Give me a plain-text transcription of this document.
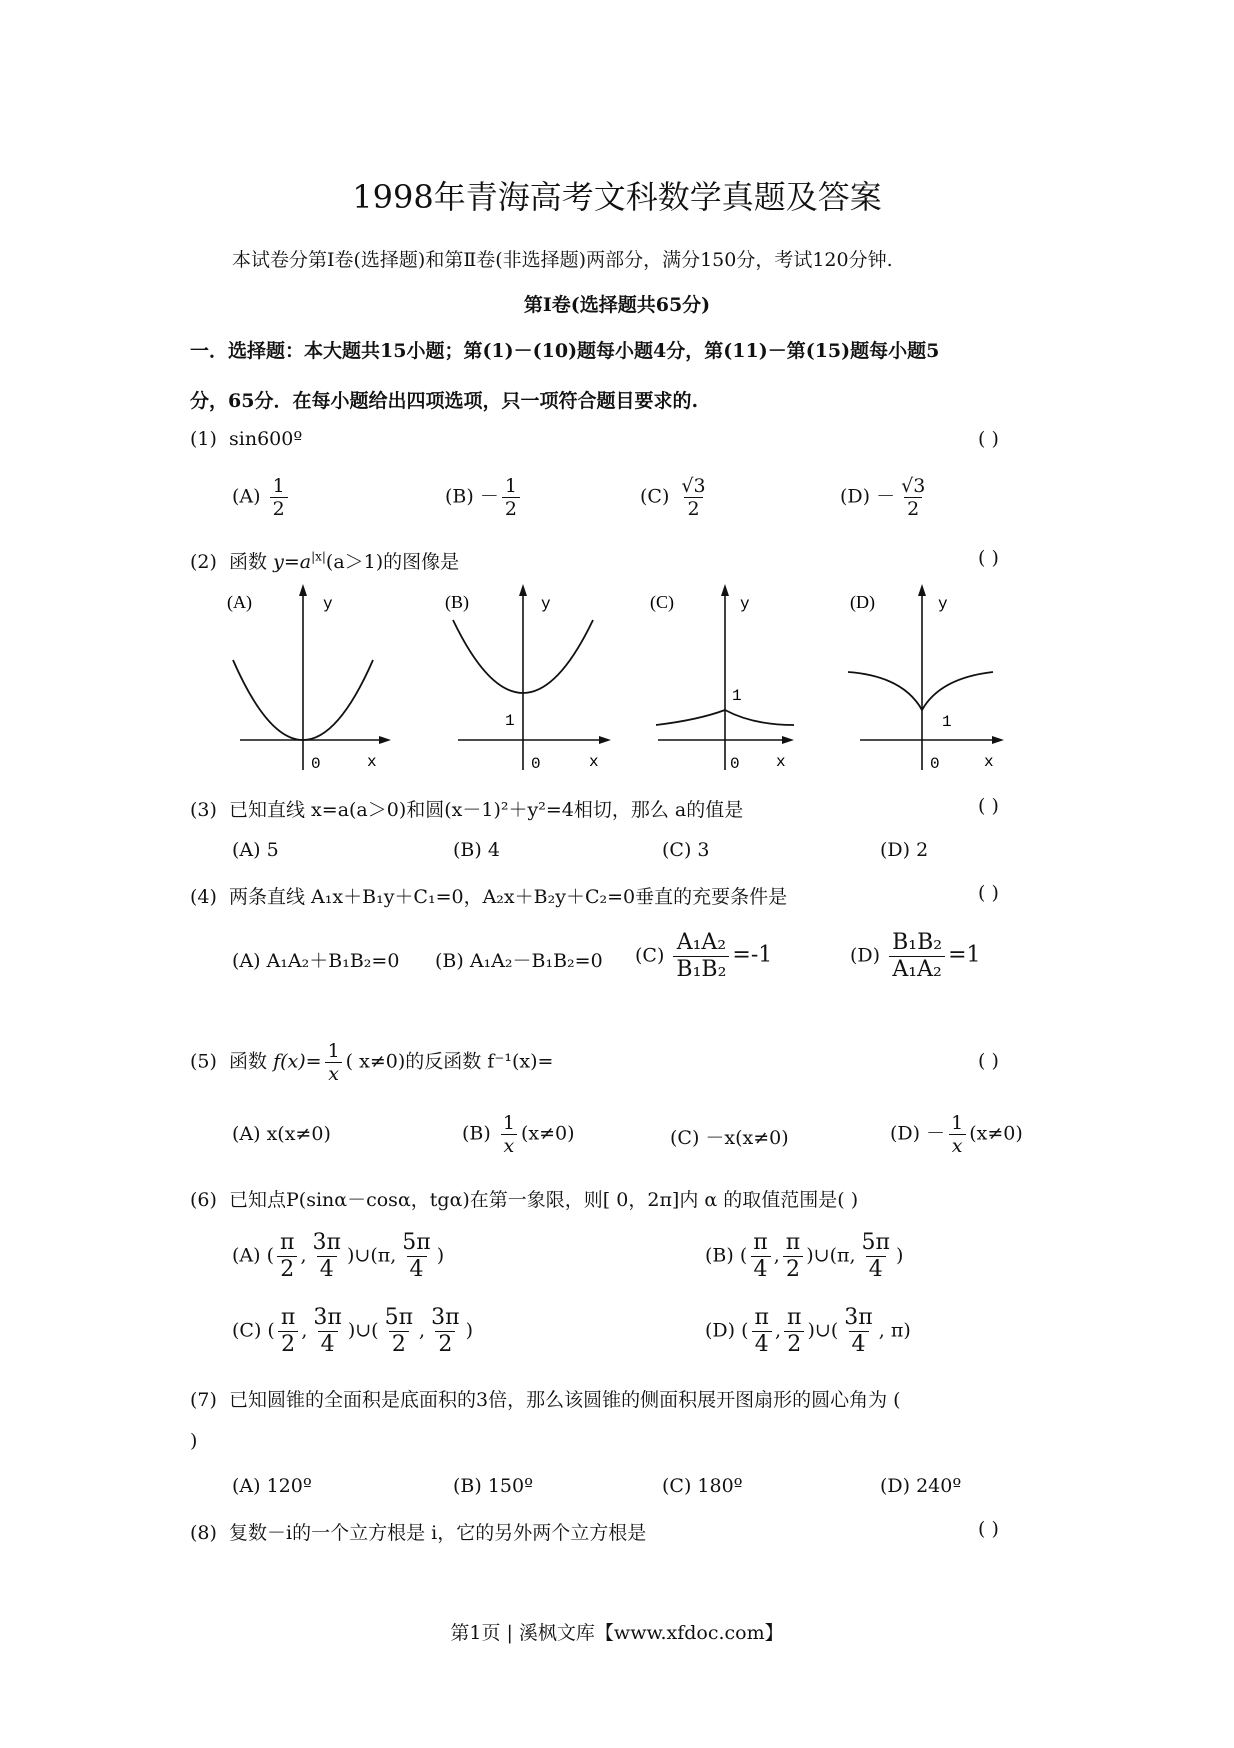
1998年青海高考文科数学真题及答案
本试卷分第Ⅰ卷(选择题)和第Ⅱ卷(非选择题)两部分，满分150分，考试120分钟.
第Ⅰ卷(选择题共65分)
一．选择题：本大题共15小题；第(1)－(10)题每小题4分，第(11)－第(15)题每小题5
分，65分．在每小题给出四项选项，只一项符合题目要求的.
(1) sin600º	( )
$(A) \frac{1}{2}$	$(B) - \frac{1}{2}$	$(C) \frac{√3}{2}$	$(D) - \frac{√3}{2}$
(2) 函数 $y=a^{|x|}(a>1)$的图像是	( )
(A)	y
x
0
(B)	y
x
0
1
(C)	y
x
0
1
(D)	y
x
0
1
(3) 已知直线 x=a(a＞0)和圆(x－1)²＋y²=4相切，那么 a的值是	( )
(A) 5	(B) 4	(C) 3	(D) 2
(4) 两条直线 A₁x＋B₁y＋C₁=0，A₂x＋B₂y＋C₂=0垂直的充要条件是	( )
(A) A₁A₂＋B₁B₂=0 (B) A₁A₂－B₁B₂=0 $(C) \frac{\text{A₁A₂}}{\text{B₁B₂}} =-1$	$(D) \frac{\text{B₁B₂}}{\text{A₁A₂}} =1$
(5) 函数 $f(x)= \frac{1}{x}$ ( x≠0)的反函数 f⁻¹(x)=	( )
(A) x(x≠0)	$(B) \frac{1}{x} (x\ne 0)$	(C) －x(x≠0)	$(D) - \frac{1}{x} (x\ne 0)$
(6) 已知点P(sinα－cosα，tgα)在第一象限，则[ 0，2π]内 α 的取值范围是( )
(A) ( $\frac{\pi}{2}$ , $\frac{3\pi}{4}$ )∪(π, $\frac{5\pi}{4}$ )	(B) ( $\frac{\pi}{4}$ , $\frac{\pi}{2}$ )∪(π, $\frac{5\pi}{4}$ )
(C) ( $\frac{\pi}{2}$ , $\frac{3\pi}{4}$ )∪( $\frac{5\pi}{2}$ , $\frac{3\pi}{2}$ )	(D) ( $\frac{\pi}{4}$ , $\frac{\pi}{2}$ )∪( $\frac{3\pi}{4}$ , π)
(7) 已知圆锥的全面积是底面积的3倍，那么该圆锥的侧面积展开图扇形的圆心角为 (
)
(A) 120º	(B) 150º	(C) 180º	(D) 240º
(8) 复数－i的一个立方根是 i，它的另外两个立方根是	( )
第1页 | 溪枫文库【www.xfdoc.com】
